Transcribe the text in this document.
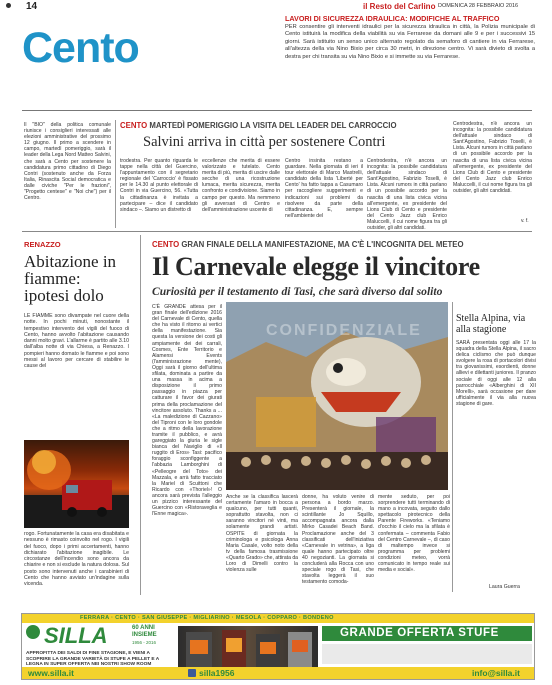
14	il Resto del Carlino DOMENICA 28 FEBBRAIO 2016
Cento
LAVORI DI SICUREZZA IDRAULICA: MODIFICHE AL TRAFFICO
PER consentire gli interventi idraulici per la sicurezza idraulica in città, la Polizia municipale di Cento istituirà la modifica della viabilità su via Ferrarese da domani alle 9 e per i successivi 15 giorni. Sarà istituito un senso unico alternato regolato da semaforo di cantiere in via Ferrarese, all'altezza della via Nino Bixio per circa 30 metri, in direzione centro. Vi sarà divieto di svolta a destra per chi transita su via Nino Bixio e si immette su via Ferrarese.
Il "BIO" della politica comunale riunisce i consiglieri interessati alle elezioni amministrative del prossimo 12 giugno. Il primo a scendere in campo, martedì pomeriggio, sarà il leader della Lega Nord Matteo Salvini, che sarà a Cento per sostenere la candidatura primo cittadino di Diego Contri (sostenuto anche da Forza Italia, Rinascita Social democratica e dalle civiche "Per le frazioni", "Progetto centese" e "Noi che") per il Centro.
CENTO MARTEDÌ POMERIGGIO LA VISITA DEL LEADER DEL CARROCCIO
Salvini arriva in città per sostenere Contri
trodestra. Per quanto riguarda le tappe nella città del Guercino, l'appuntamento con il segretario regionale del 'Carroccio' è fissato per le 14.30 al punto elettorale di Contri in via Guercino, 56. «Tutta la cittadinanza è invitata a partecipare – dice il candidato sindaco –. Siamo un distretto di
eccellenze che merita di essere valorizzato e tutelato. Cento merita di più, merita di uscire dalle secche di una ricostruzione lumaca, merita sicurezza, merita confronto e condivisione. Siamo in campo per questo. Ma nemmeno gli avversari di Centro e dell'amministrazione uscente di
Centro insinita restano a guardare. Nella giornata di ieri il tour elettorale di Marco Mastrelli, candidato della lista 'Liberté per Cento' ha fatto tappa a Casumaro per raccogliere suggerimenti e indicazioni sui problemi da risolvere da parte della cittadinanza. E, sempre nell'ambiente del
Centrodestra, n'è ancora un incognita: la possibile candidatura dell'attuale sindaco di Sant'Agostino, Fabrizio Toselli, è Lista. Alcuni rumors in città parlano di un possibile accordo per la nascita di una lista civica vicina all'emergente, ex presidente del Lions Club di Cento e presidente del Cento Jazz club Enrico Maluccelli, il cui nome figura tra gli outsider, gli altri candidati.
Centrodestra, n'è ancora un incognita: la possibile candidatura dell'attuale sindaco di Sant'Agostino, Fabrizio Toselli, è Lista. Alcuni rumors in città parlano di un possibile accordo per la nascita di una lista civica vicina all'emergente, ex presidente del Lions Club di Cento e presidente del Cento Jazz club Enrico Maluccelli, il cui nome figura tra gli outsider, gli altri candidati.
v. f.
RENAZZO
Abitazione in fiamme: ipotesi dolo
LE FIAMME sono divampate nel cuore della notte. In pochi minuti, nonostante il tempestivo intervento dei vigili del fuoco di Cento, hanno avvolto l'abitazione causando danni molto gravi. L'allarme è partito alle 3.10 dall'alba notte di via Chiesa, a Renazzo. I pompieri hanno domato le fiamme e poi sono messi al lavoro per cercare di stabilire le cause del
rogo. Fortunatamente la casa era disabitata e nessuno è rimasto coinvolto nel rogo. I vigili del fuoco, dopo i primi accertamenti, hanno dichiarato l'abitazione inagibile. Le circostanze dell'incendio sono ancora da chiarire e non si esclude la natura dolosa. Sul posto sono intervenuti anche i carabinieri di Cento che hanno avviato un'indagine sulla vicenda.
CENTO GRAN FINALE DELLA MANIFESTAZIONE, MA C'È L'INCOGNITA DEL METEO
Il Carnevale elegge il vincitore
Curiosità per il testamento di Tasi, che sarà diverso dal solito
C'È GRANDE attesa per il gran finale dell'edizione 2016 del Carnevale di Cento, quella che ha visto il ritorno ai vertici della manifestazione. Sia questa la versione dei costi gli ampiamente dei dei carrali, Cosmes, Ente Territorio e Alamensi Events (l'amminisrazione mente), Oggi sarà il giorno dell'ultima sfilata, dominata a partire da una massa in acima a disposizione il primo passaggio in piazza per catturare il favor dei giurati prima della proclamazione del vincitore assoluto. Thanks a ... «La maledizione di Cazzano» del Tiproni con le loro gondole che a ritmo della lavorazione tramite il pubblico, e avrà gareggiato la giuria le sigle bianca del Naviglio di «Il ruggito di Eros» Tasi: pacifico foraggio sconfiggente a l'abbazia Lamborghini di «Pelleogre del Toto» dei Mazzala, e arrà fatto tracciato la Mariel di Scuittoni che Ricardo con «Thoriel»! O ancora sarà prevista l'alleggio un pizzico interessante del Guercino con «Ristoraveglia e l'Enne magica».
CONFIDENZIALE
Anche se la classifica lascerà certamente l'amaro in bocca a qualcuno, per tutti quanti, soprattutto stavolta, non ci saranno vincitori né vinti, ma solamente grandi artisti. OSPITE di giornata la criminologa e psicologa Anna Maria Casale, volto noto della tv della famosa trasmissione «Quarto Grado» che, attirata da Loro di Dimelli contro la violenza sulle
donne, ha voluto venire di persona a bordo marzo. Presenterà il giornale, la scintillante Jo Squillo, accompagnata ancora dalla Mirko Casadei Beach Band. Proclamazione anche del 3 classificati dell'iniziativa «Carnevale in vetrina», a liga quale hanno partecipato oltre 40 negozianti. La giornata si concluderà alla Rocca con uno speciale rogo di Tasi, che stavolta leggerà il suo testamento comoda-
mente seduto, per poi sorprendere tutti terminando di mano a incovata, seguito dallo spettacolo pirotecnico della Parente Fireworks. «Teniamo d'occhio il cielo ma la sfilata è confermata – commenta Fabio del Centro Carnevale –, di caso di maltempo invece si programma per problemi condizioni meteo, vorrà comunicato in tempo reale sui media e social».
Stella Alpina, via alla stagione
SARÀ presentata oggi alle 17 la squadra della Stella Alpina, il sacro delica ciclismo che può dunque svolgere la rosa di portacolori divisi tra giovanissimi, esordienti, donne allievi e dilettanti juniores. Il pranzo sociale di oggi alle 12 alla parrocchiale «Alberghini di XII Morelli», sarà occasione per dare ufficialmente il via alla nuova stagione di gare.
Laura Guerra
FERRARA · CENTO · SAN GIUSEPPE · MIGLIARINO · MESOLA · COPPARO · BONDENO
SILLA	60 ANNI INSIEME
1956 - 2016
APPROFITTA DEI SALDI DI FINE STAGIONE, E VIENI A SCOPRIRE LA GRANDE VARIETÀ DI STUFE A PELLET E A LEGNA IN SUPER OFFERTA NEI NOSTRI SHOW ROOM
GRANDE OFFERTA STUFE
www.silla.it	silla1956	info@silla.it
